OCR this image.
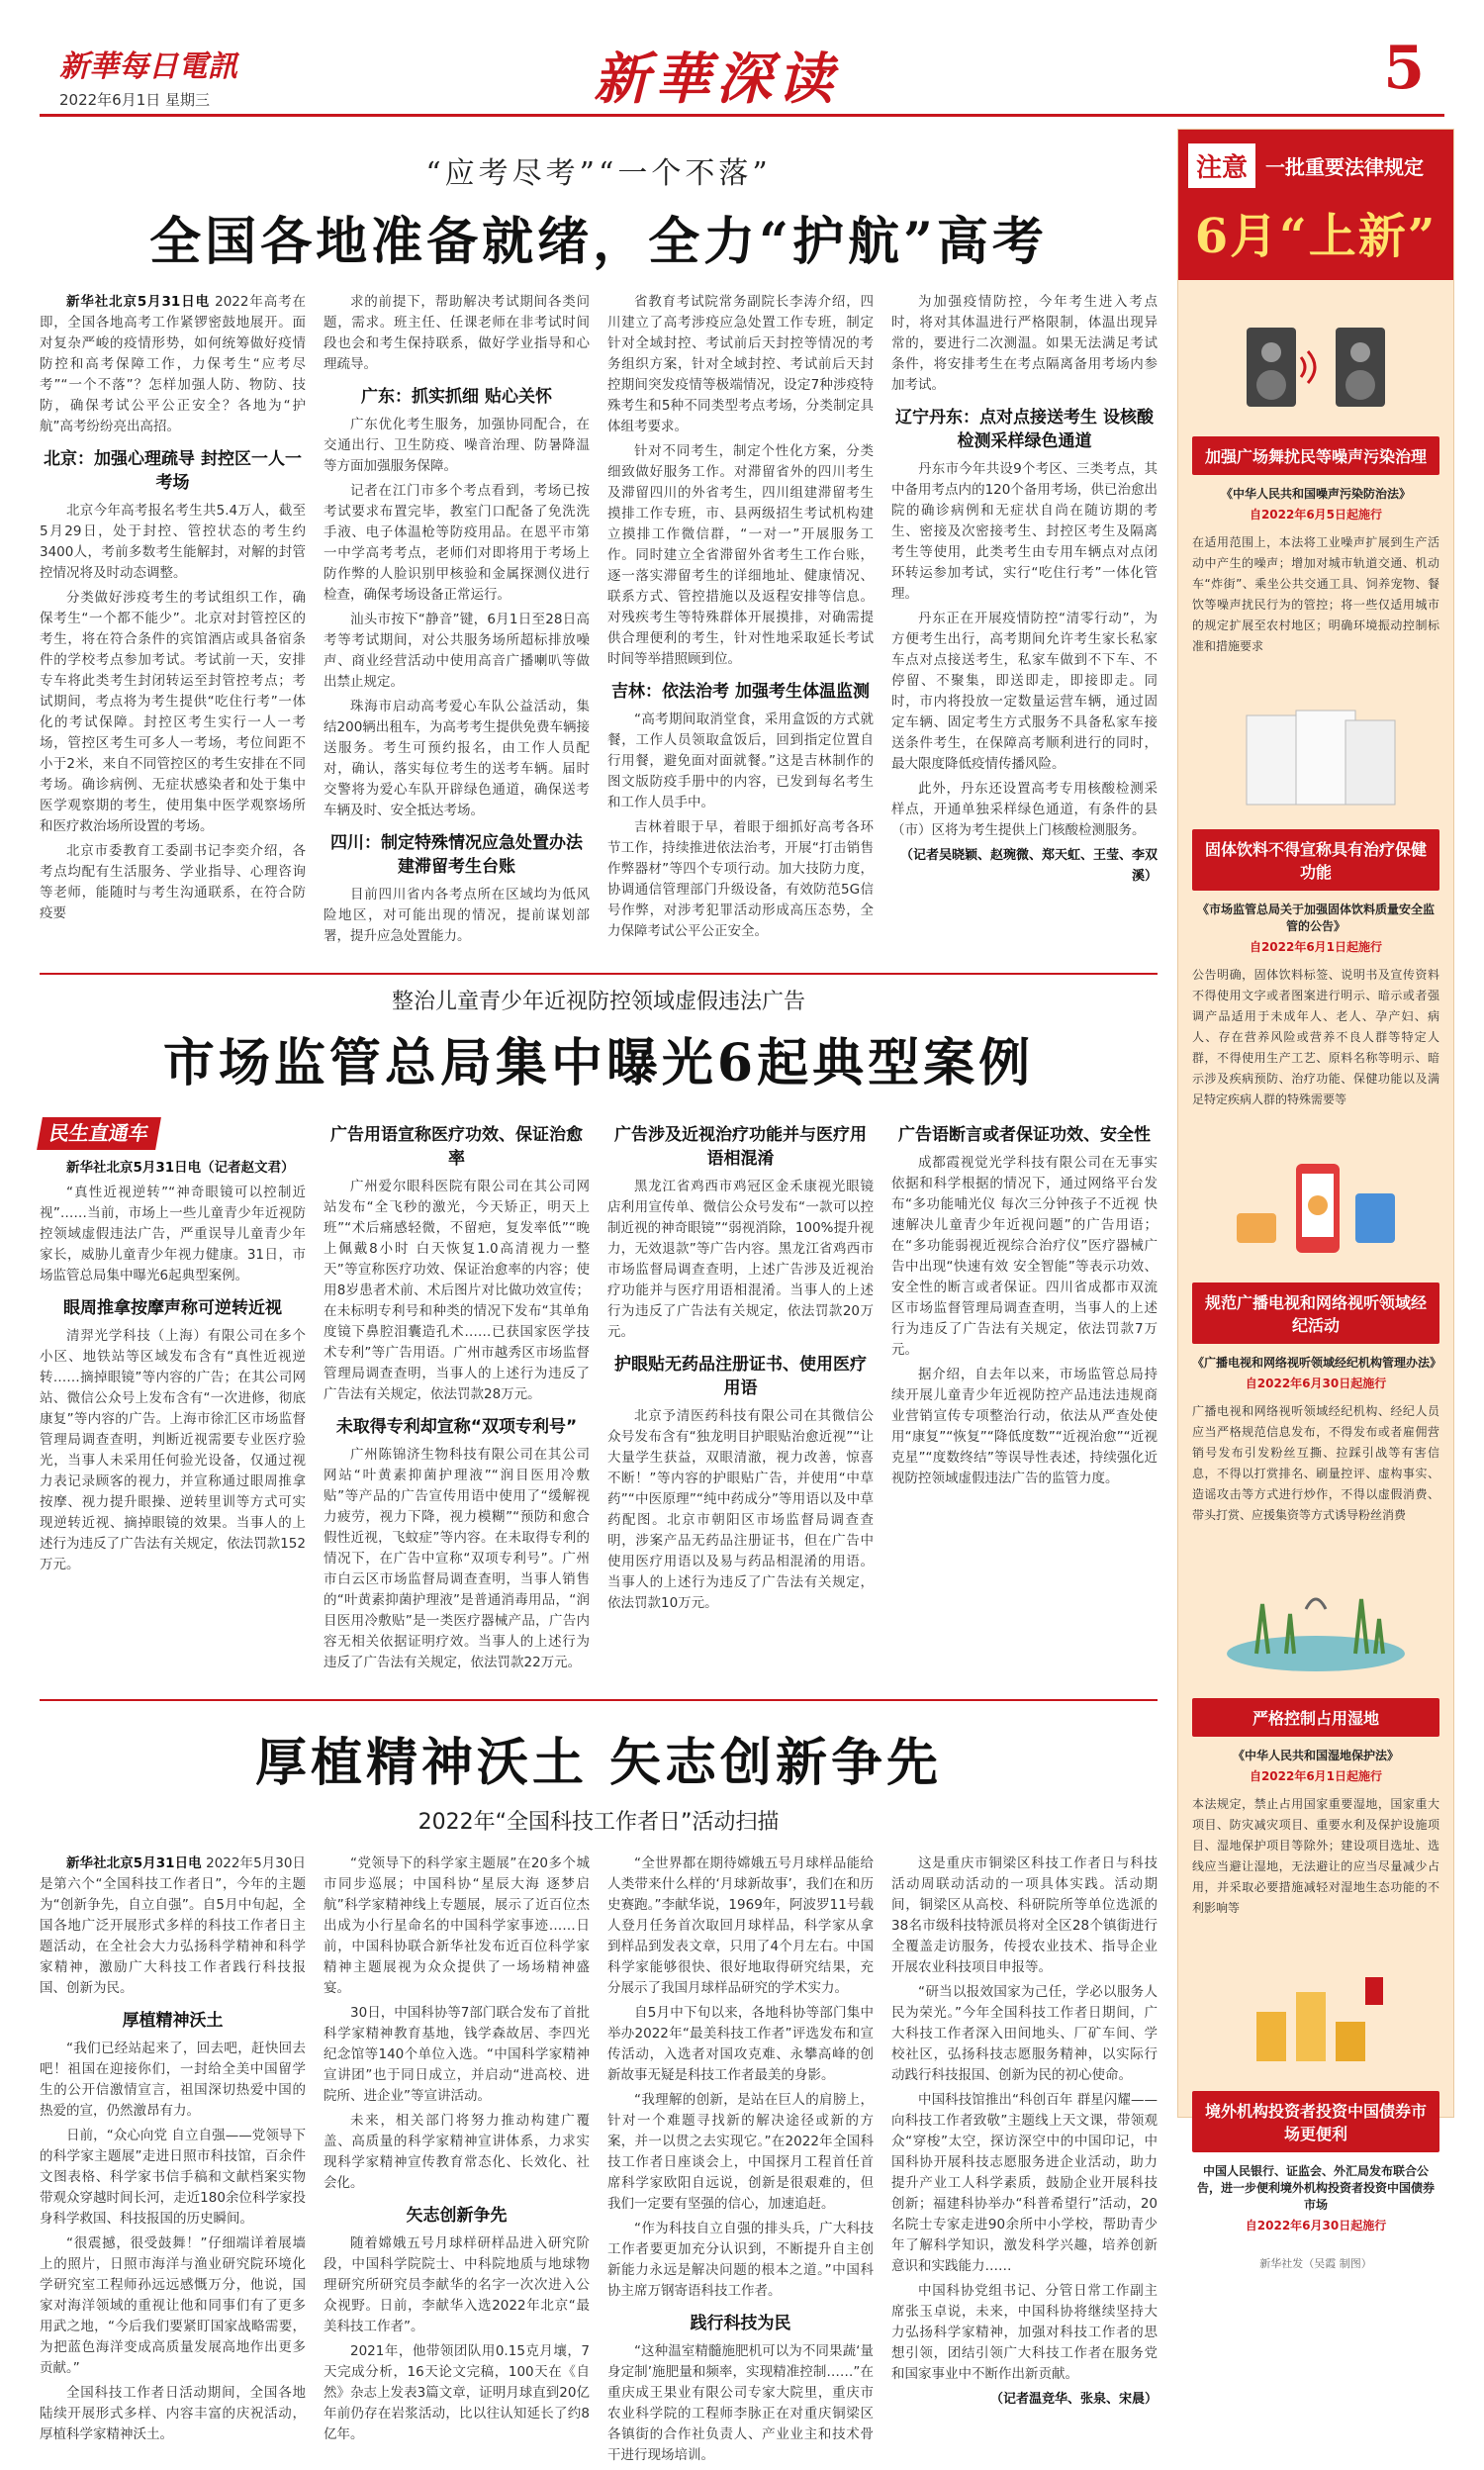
新華每日電訊
2022年6月1日 星期三	新華深读	5
“应考尽考”“一个不落”
全国各地准备就绪，全力“护航”高考

新华社北京5月31日电 2022年高考在即，全国各地高考工作紧锣密鼓地展开。面对复杂严峻的疫情形势，如何统筹做好疫情防控和高考保障工作，力保考生“应考尽考”“一个不落”？怎样加强人防、物防、技防，确保考试公平公正安全？各地为“护航”高考纷纷亮出高招。

北京：加强心理疏导 封控区一人一考场

北京今年高考报名考生共5.4万人，截至5月29日，处于封控、管控状态的考生约3400人，考前多数考生能解封，对解的封管控情况将及时动态调整。

分类做好涉疫考生的考试组织工作，确保考生“一个都不能少”。北京对封管控区的考生，将在符合条件的宾馆酒店或具备宿条件的学校考点参加考试。考试前一天，安排专车将此类考生封闭转运至封管控考点；考试期间，考点将为考生提供“吃住行考”一体化的考试保障。封控区考生实行一人一考场，管控区考生可多人一考场，考位间距不小于2米，来自不同管控区的考生安排在不同考场。确诊病例、无症状感染者和处于集中医学观察期的考生，使用集中医学观察场所和医疗救治场所设置的考场。

北京市委教育工委副书记李奕介绍，各考点均配有生活服务、学业指导、心理咨询等老师，能随时与考生沟通联系，在符合防疫要

求的前提下，帮助解决考试期间各类问题，需求。班主任、任课老师在非考试时间段也会和考生保持联系，做好学业指导和心理疏导。

广东：抓实抓细 贴心关怀

广东优化考生服务，加强协同配合，在交通出行、卫生防疫、噪音治理、防暑降温等方面加强服务保障。

记者在江门市多个考点看到，考场已按考试要求布置完毕，教室门口配备了免洗洗手液、电子体温枪等防疫用品。在恩平市第一中学高考考点，老师们对即将用于考场上防作弊的人脸识别甲核验和金属探测仪进行检查，确保考场设备正常运行。

汕头市按下“静音”键，6月1日至28日高考等考试期间，对公共服务场所超标排放噪声、商业经营活动中使用高音广播喇叭等做出禁止规定。

珠海市启动高考爱心车队公益活动，集结200辆出租车，为高考考生提供免费车辆接送服务。考生可预约报名，由工作人员配对，确认，落实每位考生的送考车辆。届时交警将为爱心车队开辟绿色通道，确保送考车辆及时、安全抵达考场。

四川：制定特殊情况应急处置办法 建滞留考生台账

目前四川省内各考点所在区域均为低风险地区，对可能出现的情况，提前谋划部署，提升应急处置能力。

省教育考试院常务副院长李涛介绍，四川建立了高考涉疫应急处置工作专班，制定针对全域封控、考试前后天封控等情况的考务组织方案，针对全域封控、考试前后天封控期间突发疫情等极端情况，设定7种涉疫特殊考生和5种不同类型考点考场，分类制定具体组考要求。

针对不同考生，制定个性化方案，分类细致做好服务工作。对滞留省外的四川考生及滞留四川的外省考生，四川组建滞留考生摸排工作专班，市、县两级招生考试机构建立摸排工作微信群，“一对一”开展服务工作。同时建立全省滞留外省考生工作台账，逐一落实滞留考生的详细地址、健康情况、联系方式、管控措施以及返程安排等信息。对残疾考生等特殊群体开展摸排，对确需提供合理便利的考生，针对性地采取延长考试时间等举措照顾到位。

吉林：依法治考 加强考生体温监测

“高考期间取消堂食，采用盒饭的方式就餐，工作人员领取盒饭后，回到指定位置自行用餐，避免面对面就餐。”这是吉林制作的图文版防疫手册中的内容，已发到每名考生和工作人员手中。

吉林着眼于早，着眼于细抓好高考各环节工作，持续推进依法治考，开展“打击销售作弊器材”等四个专项行动。加大技防力度，协调通信管理部门升级设备，有效防范5G信号作弊，对涉考犯罪活动形成高压态势，全力保障考试公平公正安全。

为加强疫情防控，今年考生进入考点时，将对其体温进行严格限制，体温出现异常的，要进行二次测温。如果无法满足考试条件，将安排考生在考点隔离备用考场内参加考试。

辽宁丹东：点对点接送考生 设核酸检测采样绿色通道

丹东市今年共设9个考区、三类考点，其中备用考点内的120个备用考场，供已治愈出院的确诊病例和无症状自尚在随访期的考生、密接及次密接考生、封控区考生及隔离考生等使用，此类考生由专用车辆点对点闭环转运参加考试，实行“吃住行考”一体化管理。

丹东正在开展疫情防控“清零行动”，为方便考生出行，高考期间允许考生家长私家车点对点接送考生，私家车做到不下车、不停留、不聚集，即送即走，即接即走。同时，市内将投放一定数量运营车辆，通过固定车辆、固定考生方式服务不具备私家车接送条件考生，在保障高考顺利进行的同时，最大限度降低疫情传播风险。

此外，丹东还设置高考专用核酸检测采样点，开通单独采样绿色通道，有条件的县（市）区将为考生提供上门核酸检测服务。

（记者吴晓颖、赵琬微、郑天虹、王莹、李双溪）
整治儿童青少年近视防控领域虚假违法广告
市场监管总局集中曝光6起典型案例
民生直通车

新华社北京5月31日电（记者赵文君）

“真性近视逆转”“神奇眼镜可以控制近视”……当前，市场上一些儿童青少年近视防控领域虚假违法广告，严重误导儿童青少年家长，威胁儿童青少年视力健康。31日，市场监管总局集中曝光6起典型案例。

眼周推拿按摩声称可逆转近视

清羿光学科技（上海）有限公司在多个小区、地铁站等区域发布含有“真性近视逆转……摘掉眼镜”等内容的广告；在其公司网站、微信公众号上发布含有“一次进修，彻底康复”等内容的广告。上海市徐汇区市场监督管理局调查查明，判断近视需要专业医疗验光，当事人未采用任何验光设备，仅通过视力表记录顾客的视力，并宣称通过眼周推拿按摩、视力提升眼操、逆转里训等方式可实现逆转近视、摘掉眼镜的效果。当事人的上述行为违反了广告法有关规定，依法罚款152万元。

广告用语宣称医疗功效、保证治愈率

广州爱尔眼科医院有限公司在其公司网站发布“全飞秒的激光，今天矫正，明天上班”“术后痛感轻微，不留疤，复发率低”“晚上佩戴8小时 白天恢复1.0高清视力一整天”等宣称医疗功效、保证治愈率的内容；使用8岁患者术前、术后图片对比做功效宣传；在未标明专利号和种类的情况下发布“其单角度镜下鼻腔泪囊造孔术……已获国家医学技术专利”等广告用语。广州市越秀区市场监督管理局调查查明，当事人的上述行为违反了广告法有关规定，依法罚款28万元。

未取得专利却宣称“双项专利号”

广州陈锦济生物科技有限公司在其公司网站“叶黄素抑菌护理液”“润目医用冷敷贴”等产品的广告宣传用语中使用了“缓解视力疲劳，视力下降，视力模糊”“预防和愈合假性近视，飞蚊症”等内容。在未取得专利的情况下，在广告中宣称“双项专利号”。广州市白云区市场监督局调查查明，当事人销售的“叶黄素抑菌护理液”是普通消毒用品，“润目医用冷敷贴”是一类医疗器械产品，广告内容无相关依据证明疗效。当事人的上述行为违反了广告法有关规定，依法罚款22万元。

广告涉及近视治疗功能并与医疗用语相混淆

黑龙江省鸡西市鸡冠区金禾康视光眼镜店利用宣传单、微信公众号发布“一款可以控制近视的神奇眼镜”“弱视消除，100%提升视力，无效退款”等广告内容。黑龙江省鸡西市市场监督局调查查明，上述广告涉及近视治疗功能并与医疗用语相混淆。当事人的上述行为违反了广告法有关规定，依法罚款20万元。

护眼贴无药品注册证书、使用医疗用语

北京予清医药科技有限公司在其微信公众号发布含有“独龙明目护眼贴治愈近视”“让大量学生获益，双眼清澈，视力改善，惊喜不断！”等内容的护眼贴广告，并使用“中草药”“中医原理”“纯中药成分”等用语以及中草药配图。北京市朝阳区市场监督局调查查明，涉案产品无药品注册证书，但在广告中使用医疗用语以及易与药品相混淆的用语。当事人的上述行为违反了广告法有关规定，依法罚款10万元。

广告语断言或者保证功效、安全性

成都霞视觉光学科技有限公司在无事实依据和科学根据的情况下，通过网络平台发布“多功能哺光仪 每次三分钟孩子不近视 快速解决儿童青少年近视问题”的广告用语；在“多功能弱视近视综合治疗仪”医疗器械广告中出现“快速有效 安全智能”等表示功效、安全性的断言或者保证。四川省成都市双流区市场监督管理局调查查明，当事人的上述行为违反了广告法有关规定，依法罚款7万元。

据介绍，自去年以来，市场监管总局持续开展儿童青少年近视防控产品违法违规商业营销宣传专项整治行动，依法从严查处使用“康复”“恢复”“降低度数”“近视治愈”“近视克星”“度数终结”等误导性表述，持续强化近视防控领域虚假违法广告的监管力度。

厚植精神沃土 矢志创新争先
2022年“全国科技工作者日”活动扫描

新华社北京5月31日电 2022年5月30日是第六个“全国科技工作者日”，今年的主题为“创新争先，自立自强”。自5月中旬起，全国各地广泛开展形式多样的科技工作者日主题活动，在全社会大力弘扬科学精神和科学家精神，激励广大科技工作者践行科技报国、创新为民。

厚植精神沃土

“我们已经站起来了，回去吧，赶快回去吧！祖国在迎接你们，一封给全美中国留学生的公开信激情宣言，祖国深切热爱中国的热爱的宣，仍然激昂有力。

日前，“众心向党 自立自强——党领导下的科学家主题展”走进日照市科技馆，百余件文图表格、科学家书信手稿和文献档案实物带观众穿越时间长河，走近180余位科学家投身科学救国、科技报国的历史瞬间。

“很震撼，很受鼓舞！”仔细端详着展墙上的照片，日照市海洋与渔业研究院环境化学研究室工程师孙远远感慨万分，他说，国家对海洋领域的重视让他和同事们有了更多用武之地，“今后我们要紧盯国家战略需要，为把蓝色海洋变成高质量发展高地作出更多贡献。”

全国科技工作者日活动期间，全国各地陆续开展形式多样、内容丰富的庆祝活动，厚植科学家精神沃土。

“党领导下的科学家主题展”在20多个城市同步巡展；中国科协“星辰大海 逐梦启航”科学家精神线上专题展，展示了近百位杰出成为小行星命名的中国科学家事迹……日前，中国科协联合新华社发布近百位科学家精神主题展视为众众提供了一场场精神盛宴。

30日，中国科协等7部门联合发布了首批科学家精神教育基地，钱学森故居、李四光纪念馆等140个单位入选。“中国科学家精神宣讲团”也于同日成立，并启动“进高校、进院所、进企业”等宣讲活动。

未来，相关部门将努力推动构建广覆盖、高质量的科学家精神宣讲体系，力求实现科学家精神宣传教育常态化、长效化、社会化。

矢志创新争先

随着嫦娥五号月球样研样品进入研究阶段，中国科学院院士、中科院地质与地球物理研究所研究员李献华的名字一次次进入公众视野。日前，李献华入选2022年北京“最美科技工作者”。

2021年，他带领团队用0.15克月壤，7天完成分析，16天论文完稿，100天在《自然》杂志上发表3篇文章，证明月球直到20亿年前仍存在岩浆活动，比以往认知延长了约8亿年。

“全世界都在期待嫦娥五号月球样品能给人类带来什么样的‘月球新故事’，我们在和历史赛跑。”李献华说，1969年，阿波罗11号载人登月任务首次取回月球样品，科学家从拿到样品到发表文章，只用了4个月左右。中国科学家能够很快、很好地取得研究结果，充分展示了我国月球样品研究的学术实力。

自5月中下旬以来，各地科协等部门集中举办2022年“最美科技工作者”评选发布和宣传活动，入选者对国攻克难、永攀高峰的创新故事无疑是科技工作者最美的身影。

“我理解的创新，是站在巨人的肩膀上，针对一个难题寻找新的解决途径或新的方案，并一以贯之去实现它。”在2022年全国科技工作者日座谈会上，中国探月工程首任首席科学家欧阳自远说，创新是很艰难的，但我们一定要有坚强的信心，加速追赶。

“作为科技自立自强的排头兵，广大科技工作者要更加充分认识到，不断提升自主创新能力永远是解决问题的根本之道。”中国科协主席万钢寄语科技工作者。

践行科技为民

“这种温室精髓施肥机可以为不同果蔬‘量身定制’施肥量和频率，实现精准控制……”在重庆成王果业有限公司专家大院里，重庆市农业科学院的工程师李脉正在对重庆铜梁区各镇街的合作社负责人、产业业主和技术骨干进行现场培训。

这是重庆市铜梁区科技工作者日与科技活动周联动活动的一项具体实践。活动期间，铜梁区从高校、科研院所等单位选派的38名市级科技特派员将对全区28个镇街进行全覆盖走访服务，传授农业技术、指导企业开展农业科技项目申报等。

“研当以报效国家为己任，学必以服务人民为荣光。”今年全国科技工作者日期间，广大科技工作者深入田间地头、厂矿车间、学校社区，弘扬科技志愿服务精神，以实际行动践行科技报国、创新为民的初心使命。

中国科技馆推出“科创百年 群星闪耀——向科技工作者致敬”主题线上天文课，带领观众“穿梭”太空，探访深空中的中国印记，中国科协开展科技志愿服务进企业活动，助力提升产业工人科学素质，鼓励企业开展科技创新；福建科协举办“科普希望行”活动，20名院士专家走进90余所中小学校，帮助青少年了解科学知识，激发科学兴趣，培养创新意识和实践能力……

中国科协党组书记、分管日常工作副主席张玉卓说，未来，中国科协将继续坚持大力弘扬科学家精神，加强对科技工作者的思想引领，团结引领广大科技工作者在服务党和国家事业中不断作出新贡献。

（记者温竞华、张泉、宋晨）
注意 一批重要法律规定
6月“上新”
加强广场舞扰民等噪声污染治理
《中华人民共和国噪声污染防治法》
自2022年6月5日起施行
在适用范围上，本法将工业噪声扩展到生产活动中产生的噪声；增加对城市轨道交通、机动车“炸街”、乘坐公共交通工具、饲养宠物、餐饮等噪声扰民行为的管控；将一些仅适用城市的规定扩展至农村地区；明确环境振动控制标准和措施要求
固体饮料不得宣称具有治疗保健功能
《市场监管总局关于加强固体饮料质量安全监管的公告》
自2022年6月1日起施行
公告明确，固体饮料标签、说明书及宣传资料不得使用文字或者图案进行明示、暗示或者强调产品适用于未成年人、老人、孕产妇、病人、存在营养风险或营养不良人群等特定人群，不得使用生产工艺、原料名称等明示、暗示涉及疾病预防、治疗功能、保健功能以及满足特定疾病人群的特殊需要等
规范广播电视和网络视听领域经纪活动
《广播电视和网络视听领域经纪机构管理办法》
自2022年6月30日起施行
广播电视和网络视听领域经纪机构、经纪人员应当严格规范信息发布，不得发布或者雇佣营销号发布引发粉丝互撕、拉踩引战等有害信息，不得以打赏排名、刷量控评、虚构事实、造谣攻击等方式进行炒作，不得以虚假消费、带头打赏、应援集资等方式诱导粉丝消费
严格控制占用湿地
《中华人民共和国湿地保护法》
自2022年6月1日起施行
本法规定，禁止占用国家重要湿地，国家重大项目、防灾减灾项目、重要水利及保护设施项目、湿地保护项目等除外；建设项目选址、选线应当避让湿地，无法避让的应当尽量减少占用，并采取必要措施减轻对湿地生态功能的不利影响等
境外机构投资者投资中国债券市场更便利
中国人民银行、证监会、外汇局发布联合公告，进一步便利境外机构投资者投资中国债券市场
自2022年6月30日起施行
新华社发（吴霞 制图）
